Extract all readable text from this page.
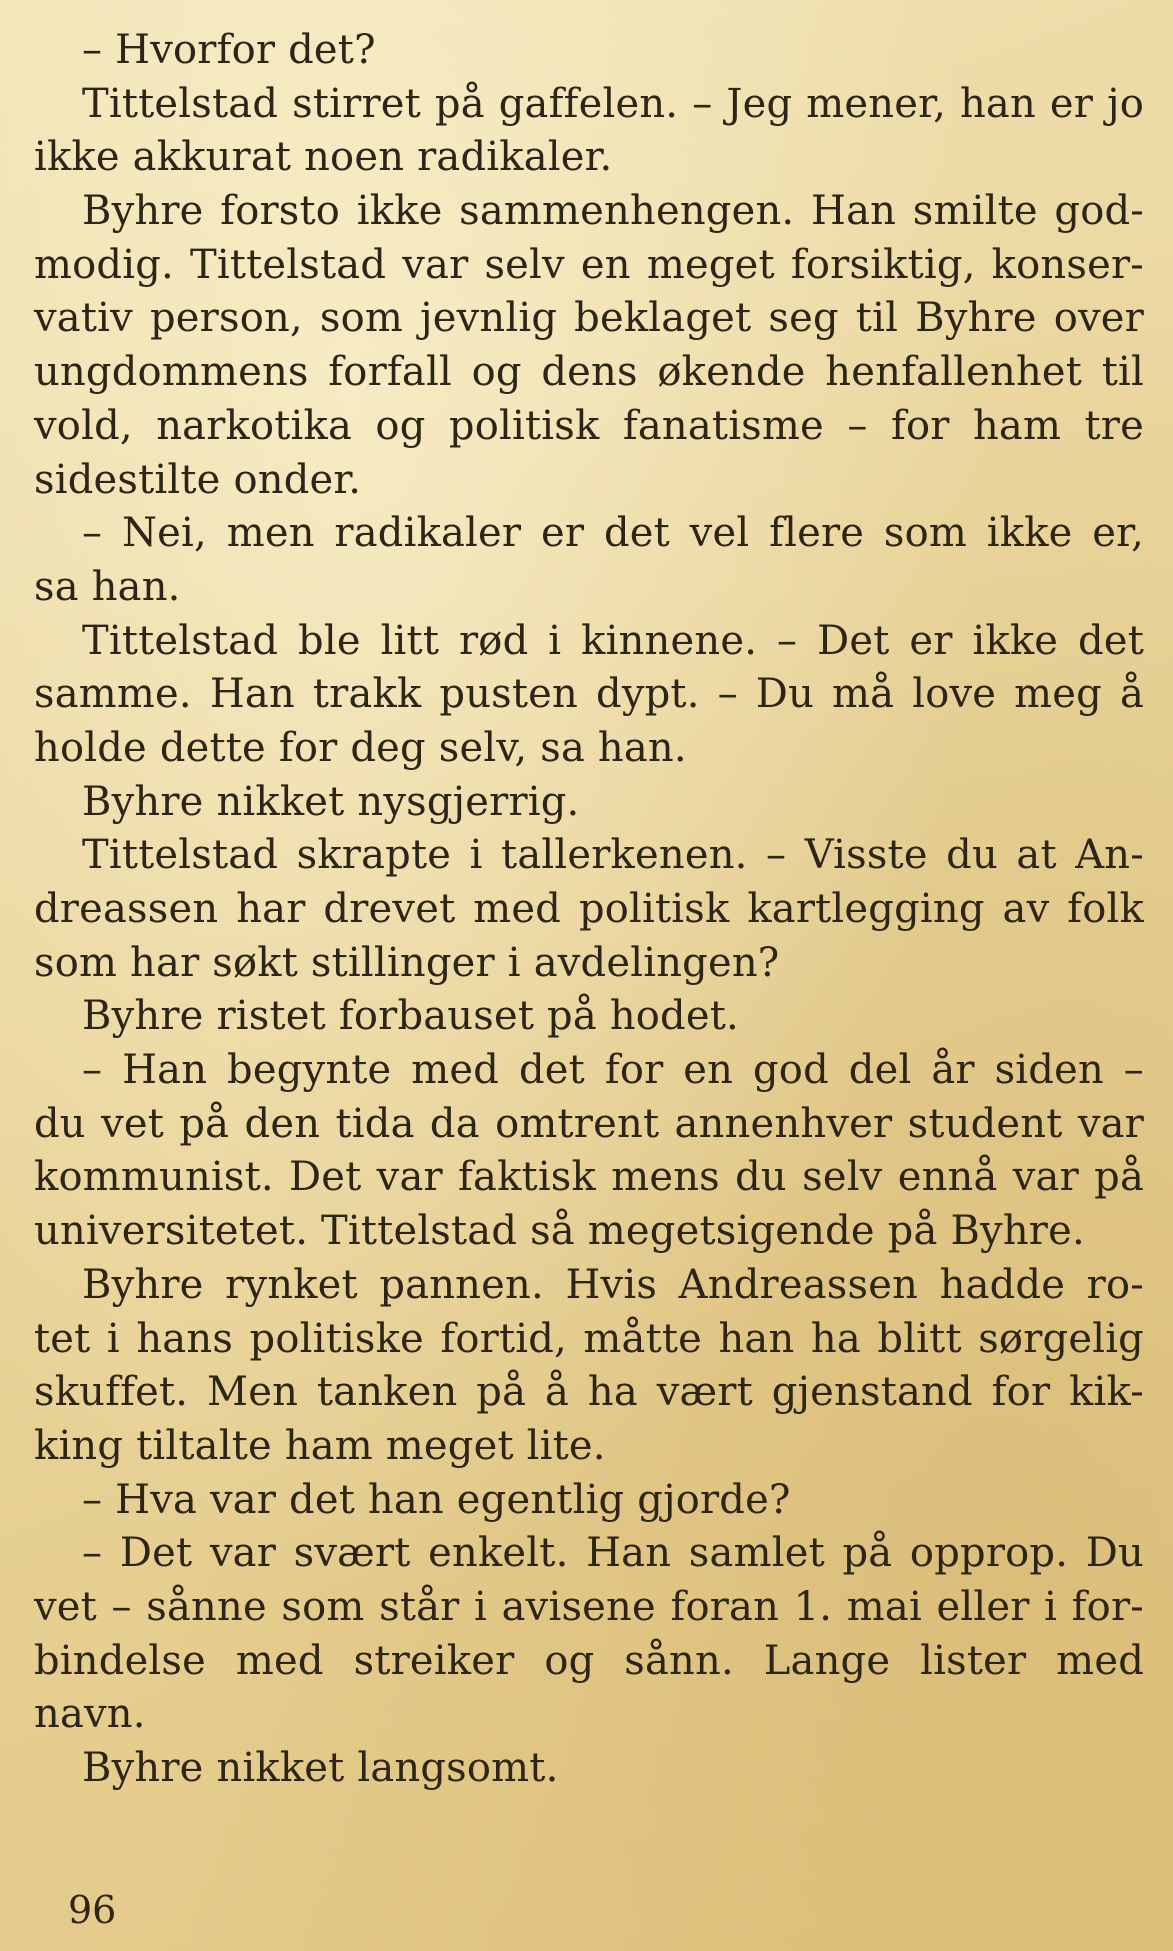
– Hvorfor det?
Tittelstad stirret på gaffelen. – Jeg mener, han er jo
ikke akkurat noen radikaler.
Byhre forsto ikke sammenhengen. Han smilte god-
modig. Tittelstad var selv en meget forsiktig, konser-
vativ person, som jevnlig beklaget seg til Byhre over
ungdommens forfall og dens økende henfallenhet til
vold, narkotika og politisk fanatisme – for ham tre
sidestilte onder.
– Nei, men radikaler er det vel flere som ikke er,
sa han.
Tittelstad ble litt rød i kinnene. – Det er ikke det
samme. Han trakk pusten dypt. – Du må love meg å
holde dette for deg selv, sa han.
Byhre nikket nysgjerrig.
Tittelstad skrapte i tallerkenen. – Visste du at An-
dreassen har drevet med politisk kartlegging av folk
som har søkt stillinger i avdelingen?
Byhre ristet forbauset på hodet.
– Han begynte med det for en god del år siden –
du vet på den tida da omtrent annenhver student var
kommunist. Det var faktisk mens du selv ennå var på
universitetet. Tittelstad så megetsigende på Byhre.
Byhre rynket pannen. Hvis Andreassen hadde ro-
tet i hans politiske fortid, måtte han ha blitt sørgelig
skuffet. Men tanken på å ha vært gjenstand for kik-
king tiltalte ham meget lite.
– Hva var det han egentlig gjorde?
– Det var svært enkelt. Han samlet på opprop. Du
vet – sånne som står i avisene foran 1. mai eller i for-
bindelse med streiker og sånn. Lange lister med
navn.
Byhre nikket langsomt.
96
